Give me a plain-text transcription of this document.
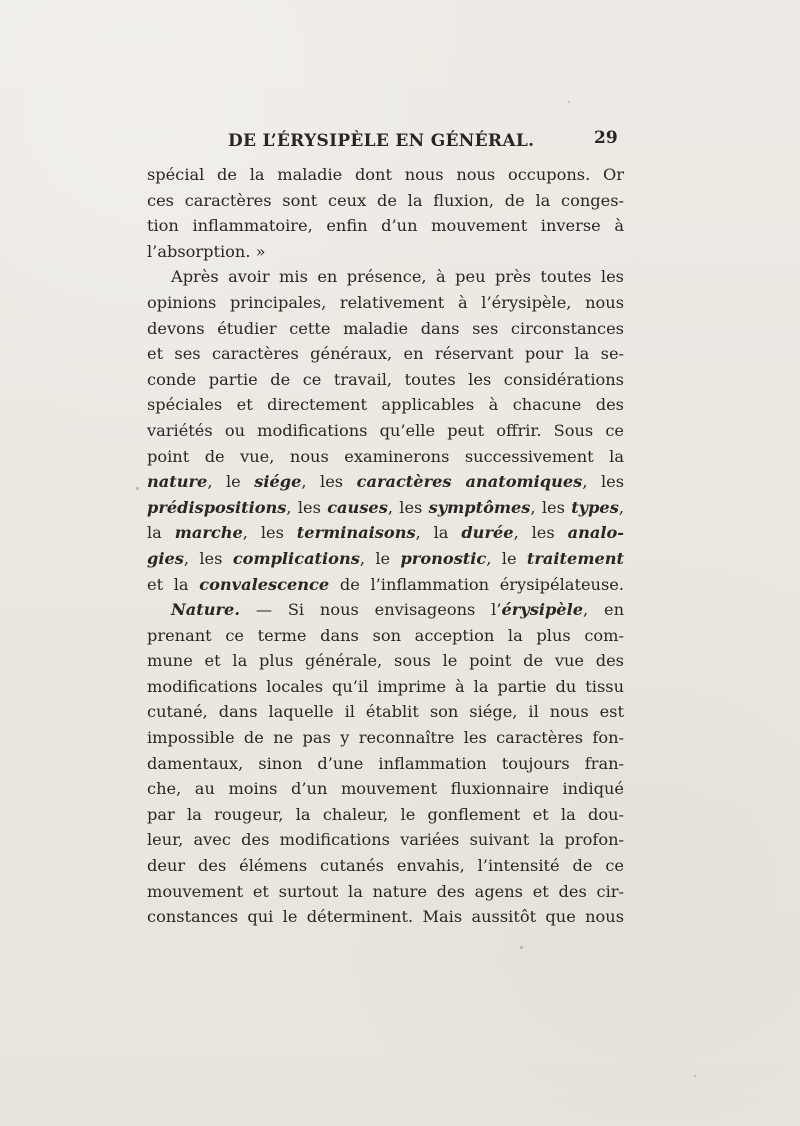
DE L’ÉRYSIPÈLE EN GÉNÉRAL.	29
spécial de la maladie dont nous nous occupons. Or
ces caractères sont ceux de la fluxion, de la conges-
tion inflammatoire, enfin d’un mouvement inverse à
l’absorption. »
Après avoir mis en présence, à peu près toutes les
opinions principales, relativement à l’érysipèle, nous
devons étudier cette maladie dans ses circonstances
et ses caractères généraux, en réservant pour la se-
conde partie de ce travail, toutes les considérations
spéciales et directement applicables à chacune des
variétés ou modifications qu’elle peut offrir. Sous ce
point de vue, nous examinerons successivement la
nature, le siége, les caractères anatomiques, les
prédispositions, les causes, les symptômes, les types,
la marche, les terminaisons, la durée, les analo-
gies, les complications, le pronostic, le traitement
et la convalescence de l’inflammation érysipélateuse.
Nature. — Si nous envisageons l’érysipèle, en
prenant ce terme dans son acception la plus com-
mune et la plus générale, sous le point de vue des
modifications locales qu’il imprime à la partie du tissu
cutané, dans laquelle il établit son siége, il nous est
impossible de ne pas y reconnaître les caractères fon-
damentaux, sinon d’une inflammation toujours fran-
che, au moins d’un mouvement fluxionnaire indiqué
par la rougeur, la chaleur, le gonflement et la dou-
leur, avec des modifications variées suivant la profon-
deur des élémens cutanés envahis, l’intensité de ce
mouvement et surtout la nature des agens et des cir-
constances qui le déterminent. Mais aussitôt que nous
